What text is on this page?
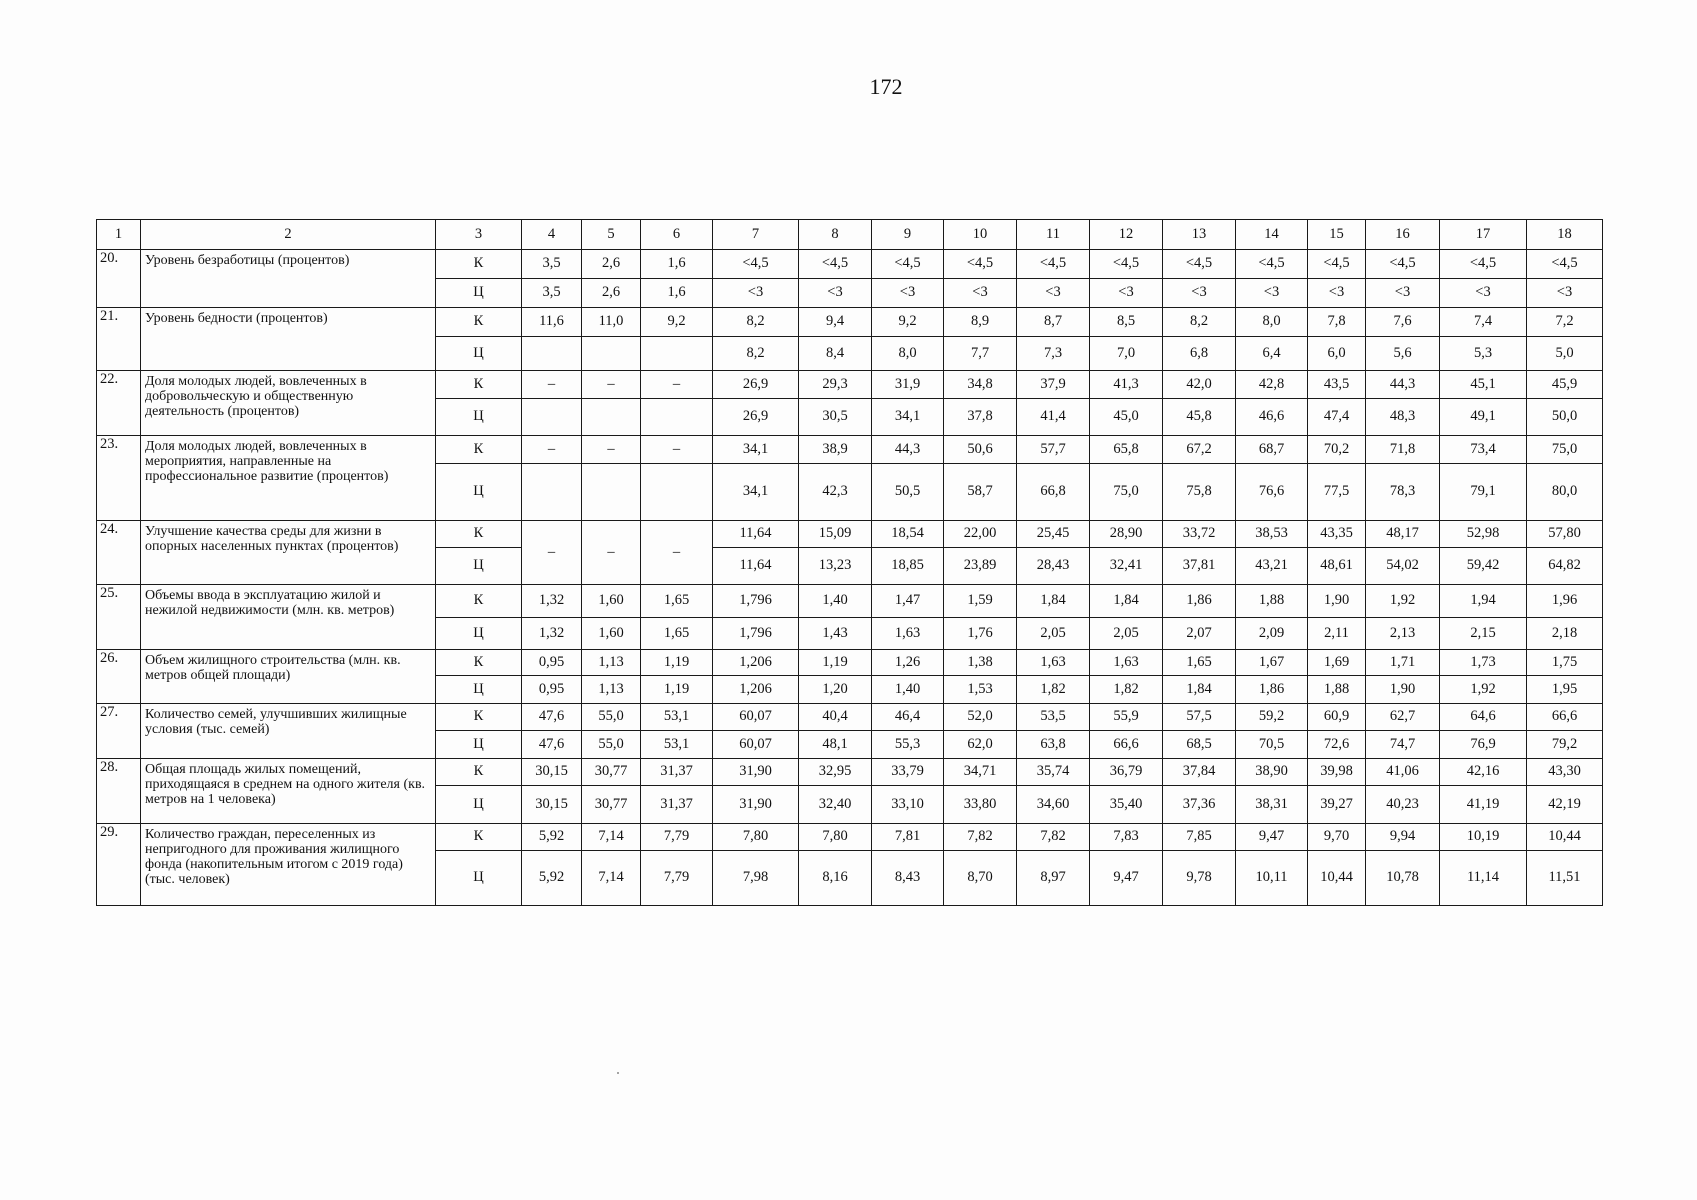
172
1	2	3	4	5	6	7	8	9	10	11	12	13	14	15	16	17	18
20.	Уровень безработицы (процентов)	К	3,5	2,6	1,6	<4,5	<4,5	<4,5	<4,5	<4,5	<4,5	<4,5	<4,5	<4,5	<4,5	<4,5	<4,5
		Ц	3,5	2,6	1,6	<3	<3	<3	<3	<3	<3	<3	<3	<3	<3	<3	<3
21.	Уровень бедности (процентов)	К	11,6	11,0	9,2	8,2	9,4	9,2	8,9	8,7	8,5	8,2	8,0	7,8	7,6	7,4	7,2
		Ц				8,2	8,4	8,0	7,7	7,3	7,0	6,8	6,4	6,0	5,6	5,3	5,0
22.	Доля молодых людей, вовлеченных в добровольческую и общественную деятельность (процентов)	К	–	–	–	26,9	29,3	31,9	34,8	37,9	41,3	42,0	42,8	43,5	44,3	45,1	45,9
		Ц				26,9	30,5	34,1	37,8	41,4	45,0	45,8	46,6	47,4	48,3	49,1	50,0
23.	Доля молодых людей, вовлеченных в мероприятия, направленные на профессиональное развитие (процентов)	К	–	–	–	34,1	38,9	44,3	50,6	57,7	65,8	67,2	68,7	70,2	71,8	73,4	75,0
		Ц				34,1	42,3	50,5	58,7	66,8	75,0	75,8	76,6	77,5	78,3	79,1	80,0
24.	Улучшение качества среды для жизни в опорных населенных пунктах (процентов)	К	–	–	–	11,64	15,09	18,54	22,00	25,45	28,90	33,72	38,53	43,35	48,17	52,98	57,80
		Ц				11,64	13,23	18,85	23,89	28,43	32,41	37,81	43,21	48,61	54,02	59,42	64,82
25.	Объемы ввода в эксплуатацию жилой и нежилой недвижимости (млн. кв. метров)	К	1,32	1,60	1,65	1,796	1,40	1,47	1,59	1,84	1,84	1,86	1,88	1,90	1,92	1,94	1,96
		Ц	1,32	1,60	1,65	1,796	1,43	1,63	1,76	2,05	2,05	2,07	2,09	2,11	2,13	2,15	2,18
26.	Объем жилищного строительства (млн. кв. метров общей площади)	К	0,95	1,13	1,19	1,206	1,19	1,26	1,38	1,63	1,63	1,65	1,67	1,69	1,71	1,73	1,75
		Ц	0,95	1,13	1,19	1,206	1,20	1,40	1,53	1,82	1,82	1,84	1,86	1,88	1,90	1,92	1,95
27.	Количество семей, улучшивших жилищные условия (тыс. семей)	К	47,6	55,0	53,1	60,07	40,4	46,4	52,0	53,5	55,9	57,5	59,2	60,9	62,7	64,6	66,6
		Ц	47,6	55,0	53,1	60,07	48,1	55,3	62,0	63,8	66,6	68,5	70,5	72,6	74,7	76,9	79,2
28.	Общая площадь жилых помещений, приходящаяся в среднем на одного жителя (кв. метров на 1 человека)	К	30,15	30,77	31,37	31,90	32,95	33,79	34,71	35,74	36,79	37,84	38,90	39,98	41,06	42,16	43,30
		Ц	30,15	30,77	31,37	31,90	32,40	33,10	33,80	34,60	35,40	37,36	38,31	39,27	40,23	41,19	42,19
29.	Количество граждан, переселенных из непригодного для проживания жилищного фонда (накопительным итогом с 2019 года) (тыс. человек)	К	5,92	7,14	7,79	7,80	7,80	7,81	7,82	7,82	7,83	7,85	9,47	9,70	9,94	10,19	10,44
		Ц	5,92	7,14	7,79	7,98	8,16	8,43	8,70	8,97	9,47	9,78	10,11	10,44	10,78	11,14	11,51
